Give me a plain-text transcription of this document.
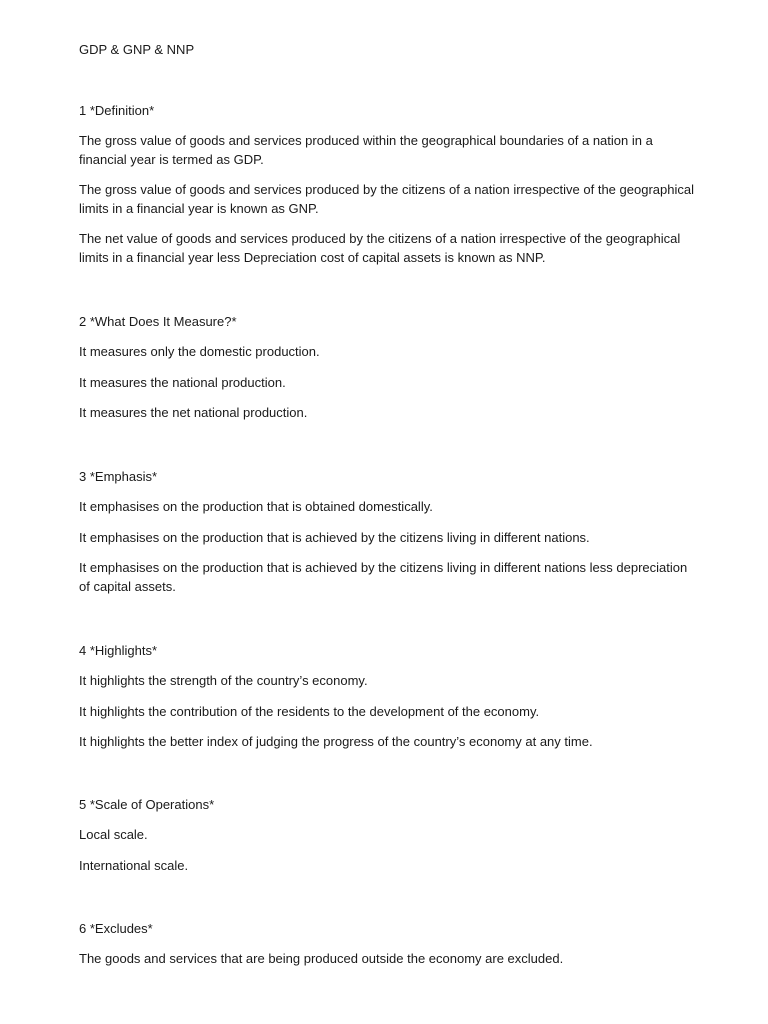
GDP & GNP & NNP
1 *Definition*

The gross value of goods and services produced within the geographical boundaries of a nation in a financial year is termed as GDP.

The gross value of goods and services produced by the citizens of a nation irrespective of the geographical limits in a financial year is known as GNP.

The net value of goods and services produced by the citizens of a nation irrespective of the geographical limits in a financial year less Depreciation cost of capital assets is known as NNP.

2 *What Does It Measure?*

It measures only the domestic production.

It measures the national production.

It measures the net national production.

3 *Emphasis*

It emphasises on the production that is obtained domestically.

It emphasises on the production that is achieved by the citizens living in different nations.

It emphasises on the production that is achieved by the citizens living in different nations less depreciation of capital assets.

4 *Highlights*

It highlights the strength of the country’s economy.

It highlights the contribution of the residents to the development of the economy.

It highlights the better index of judging the progress of the country’s economy at any time.

5 *Scale of Operations*

Local scale.

International scale.

6 *Excludes*

The goods and services that are being produced outside the economy are excluded.
